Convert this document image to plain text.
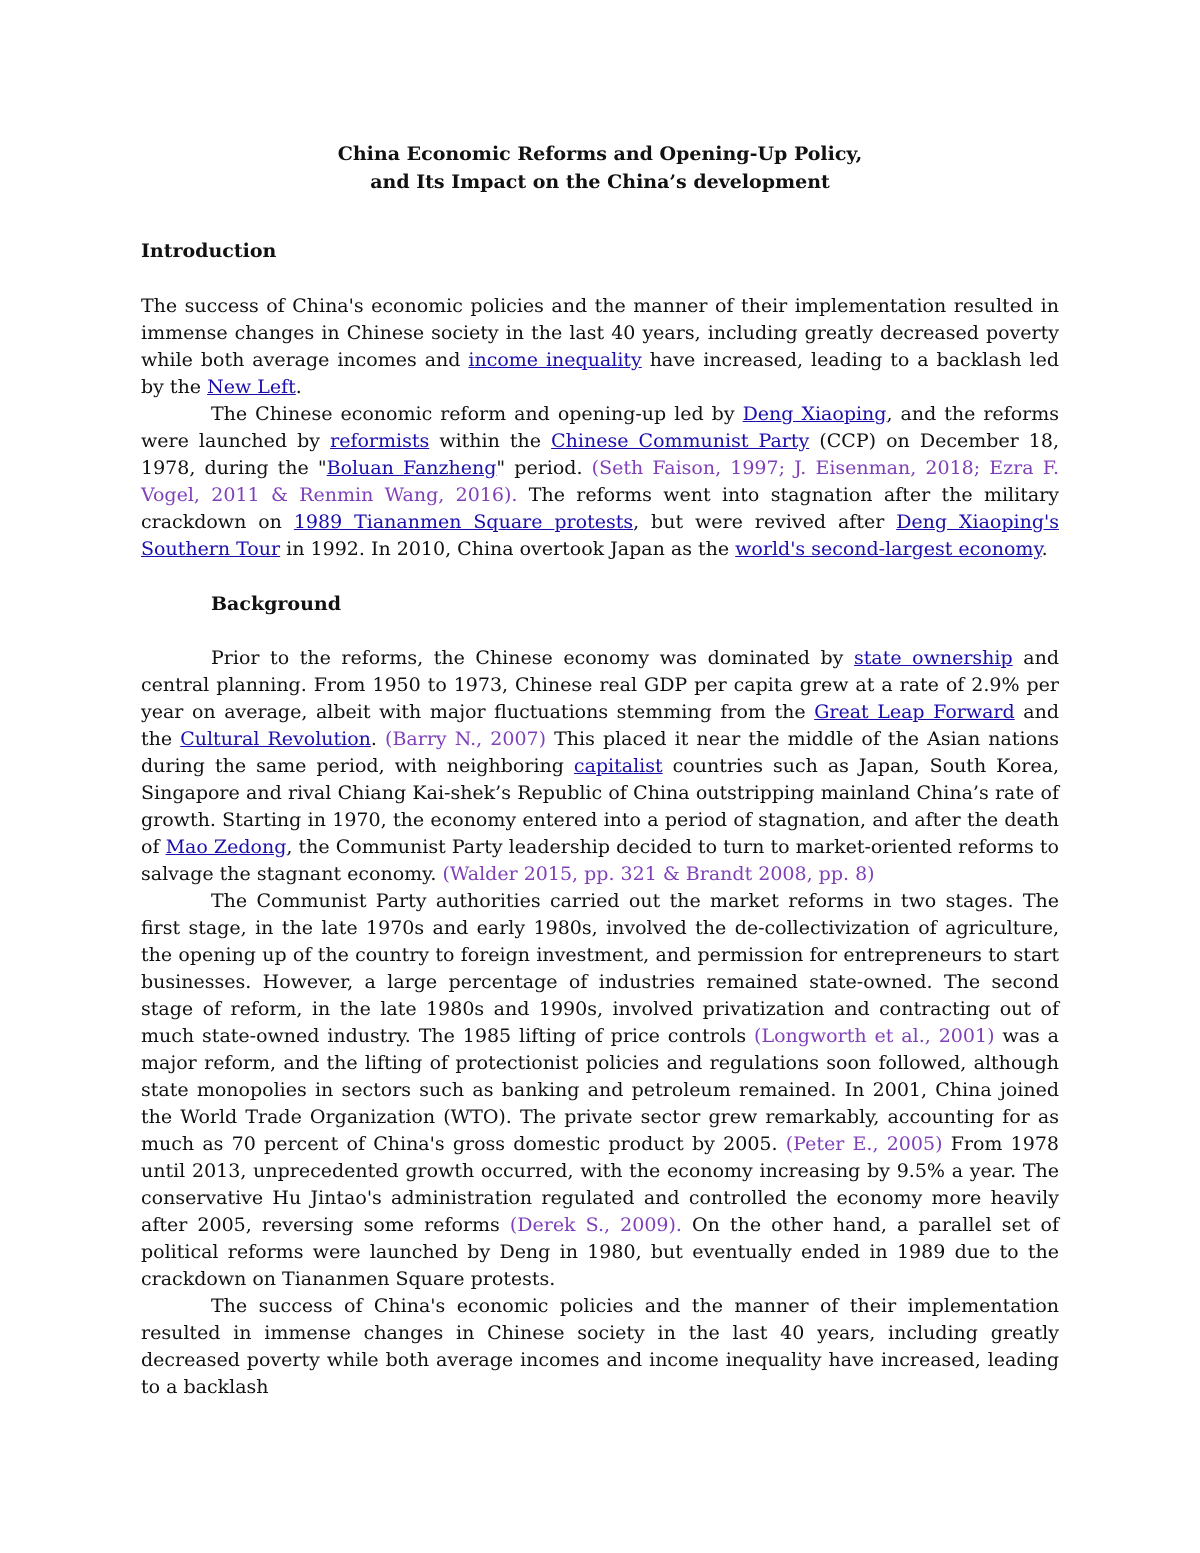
China Economic Reforms and Opening-Up Policy,
and Its Impact on the China’s development
Introduction

The success of China's economic policies and the manner of their implementation resulted in immense changes in Chinese society in the last 40 years, including greatly decreased poverty while both average incomes and income inequality have increased, leading to a backlash led by the New Left.

The Chinese economic reform and opening-up led by Deng Xiaoping, and the reforms were launched by reformists within the Chinese Communist Party (CCP) on December 18, 1978, during the "Boluan Fanzheng" period. (Seth Faison, 1997; J. Eisenman, 2018; Ezra F. Vogel, 2011 & Renmin Wang, 2016). The reforms went into stagnation after the military crackdown on 1989 Tiananmen Square protests, but were revived after Deng Xiaoping's Southern Tour in 1992. In 2010, China overtook Japan as the world's second-largest economy.

Background

Prior to the reforms, the Chinese economy was dominated by state ownership and central planning. From 1950 to 1973, Chinese real GDP per capita grew at a rate of 2.9% per year on average, albeit with major fluctuations stemming from the Great Leap Forward and the Cultural Revolution. (Barry N., 2007) This placed it near the middle of the Asian nations during the same period, with neighboring capitalist countries such as Japan, South Korea, Singapore and rival Chiang Kai-shek’s Republic of China outstripping mainland China’s rate of growth. Starting in 1970, the economy entered into a period of stagnation, and after the death of Mao Zedong, the Communist Party leadership decided to turn to market-oriented reforms to salvage the stagnant economy. (Walder 2015, pp. 321 & Brandt 2008, pp. 8)

The Communist Party authorities carried out the market reforms in two stages. The first stage, in the late 1970s and early 1980s, involved the de-collectivization of agriculture, the opening up of the country to foreign investment, and permission for entrepreneurs to start businesses. However, a large percentage of industries remained state-owned. The second stage of reform, in the late 1980s and 1990s, involved privatization and contracting out of much state-owned industry. The 1985 lifting of price controls (Longworth et al., 2001) was a major reform, and the lifting of protectionist policies and regulations soon followed, although state monopolies in sectors such as banking and petroleum remained. In 2001, China joined the World Trade Organization (WTO). The private sector grew remarkably, accounting for as much as 70 percent of China's gross domestic product by 2005. (Peter E., 2005) From 1978 until 2013, unprecedented growth occurred, with the economy increasing by 9.5% a year. The conservative Hu Jintao's administration regulated and controlled the economy more heavily after 2005, reversing some reforms (Derek S., 2009). On the other hand, a parallel set of political reforms were launched by Deng in 1980, but eventually ended in 1989 due to the crackdown on Tiananmen Square protests.

The success of China's economic policies and the manner of their implementation resulted in immense changes in Chinese society in the last 40 years, including greatly decreased poverty while both average incomes and income inequality have increased, leading to a backlash
